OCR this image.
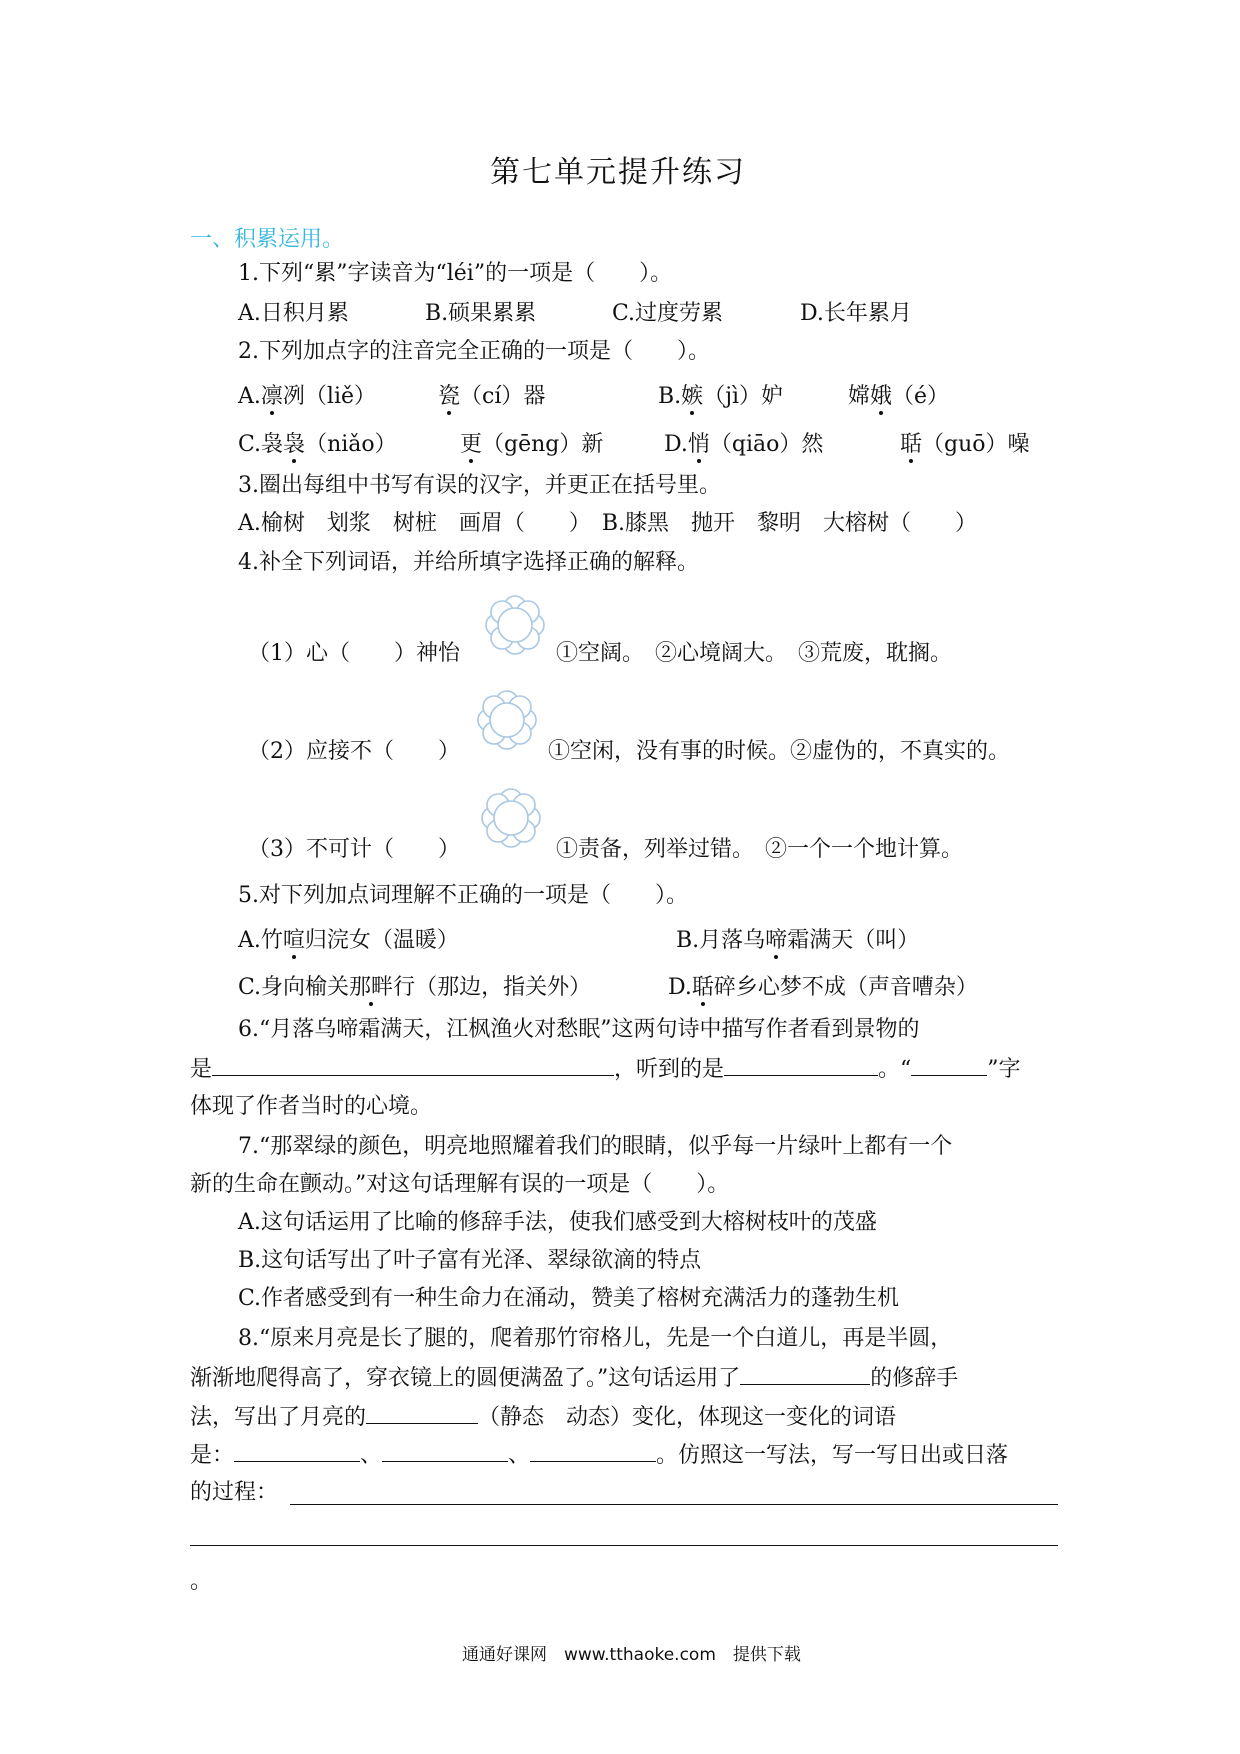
第七单元提升练习
一、积累运用。
1.下列“累”字读音为“léi”的一项是（　　）。
A.日积月累	B.硕果累累	C.过度劳累	D.长年累月
2.下列加点字的注音完全正确的一项是（　　）。
A.凛冽（liě）	瓷（cí）器	B.嫉（jì）妒	嫦娥（é）
C.袅袅（niǎo）	更（gēng）新	D.悄（qiāo）然	聒（guō）噪
3.圈出每组中书写有误的汉字，并更正在括号里。
A.榆树　划浆　树桩　画眉（　　）　B.膝黑　抛开　黎明　大榕树（　　）
4.补全下列词语，并给所填字选择正确的解释。
（1）心（　　）神怡	①空阔。　②心境阔大。　③荒废，耽搁。
（2）应接不（　　）	①空闲，没有事的时候。②虚伪的，不真实的。
（3）不可计（　　）	①责备，列举过错。　②一个一个地计算。
5.对下列加点词理解不正确的一项是（　　）。
A.竹喧归浣女（温暖）	B.月落乌啼霜满天（叫）
C.身向榆关那畔行（那边，指关外）	D.聒碎乡心梦不成（声音嘈杂）
6.“月落乌啼霜满天，江枫渔火对愁眠”这两句诗中描写作者看到景物的
是	，听到的是	。“	”字
体现了作者当时的心境。
7.“那翠绿的颜色，明亮地照耀着我们的眼睛，似乎每一片绿叶上都有一个
新的生命在颤动。”对这句话理解有误的一项是（　　）。
A.这句话运用了比喻的修辞手法，使我们感受到大榕树枝叶的茂盛
B.这句话写出了叶子富有光泽、翠绿欲滴的特点
C.作者感受到有一种生命力在涌动，赞美了榕树充满活力的蓬勃生机
8.“原来月亮是长了腿的，爬着那竹帘格儿，先是一个白道儿，再是半圆，
渐渐地爬得高了，穿衣镜上的圆便满盈了。”这句话运用了	的修辞手
法，写出了月亮的	（静态　动态）变化，体现这一变化的词语
是：	、	、	。仿照这一写法，写一写日出或日落
的过程：
。
通通好课网　www.tthaoke.com　提供下载
